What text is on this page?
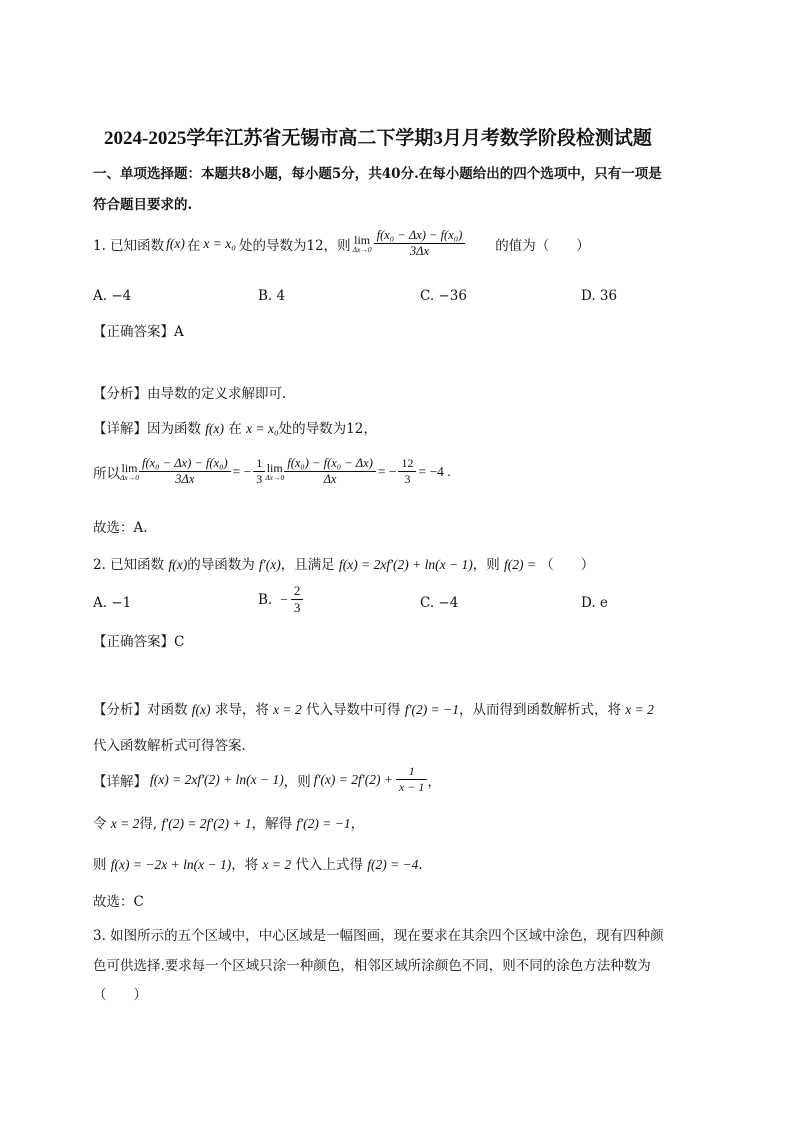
2024-2025学年江苏省无锡市高二下学期3月月考数学阶段检测试题
一、单项选择题：本题共8小题，每小题5分，共40分.在每小题给出的四个选项中，只有一项是
符合题目要求的.
1. 已知函数 f(x) 在 x = x₀ 处的导数为12，则 lim
$\Delta x\to 0 \frac{\text{f(x₀ − Δx) − f(x₀)}}{3\Delta x}$ 的值为（　　）
A. −4	B. 4	C. −36	D. 36
【正确答案】A
【分析】由导数的定义求解即可.
【详解】因为函数 f(x) 在 x = x₀处的导数为12，
所以 lim
$\Delta x\to 0 \frac{\text{f(x₀ − Δx) − f(x₀)}}{3\Delta x}$ = − $\frac{1}{3}$ lim
$\Delta x\to 0 \frac{\text{f(x₀) − f(x₀ − Δx)}}{\Delta x}$ = − $\frac{12}{3} = -4$ .
故选：A.
2. 已知函数 f(x)的导函数为 f′(x)，且满足 f(x) = 2xf′(2) + ln(x − 1)，则 f(2) = （　　）
A. −1	B. − $\frac{2}{3}$	C. −4	D. e
【正确答案】C
【分析】对函数 f(x) 求导，将 x = 2 代入导数中可得 f′(2) = −1，从而得到函数解析式，将 x = 2
代入函数解析式可得答案.
【详解】 f(x) = 2xf′(2) + ln(x − 1) ，则 $f'(x) = 2f'(2) + \frac{1}{x - 1}$ ，
令 x = 2得, f′(2) = 2f′(2) + 1，解得 f′(2) = −1，
则 f(x) = −2x + ln(x − 1)，将 x = 2 代入上式得 f(2) = −4.
故选：C
3. 如图所示的五个区域中，中心区域是一幅图画，现在要求在其余四个区域中涂色，现有四种颜
色可供选择.要求每一个区域只涂一种颜色，相邻区域所涂颜色不同，则不同的涂色方法种数为
（　　）
